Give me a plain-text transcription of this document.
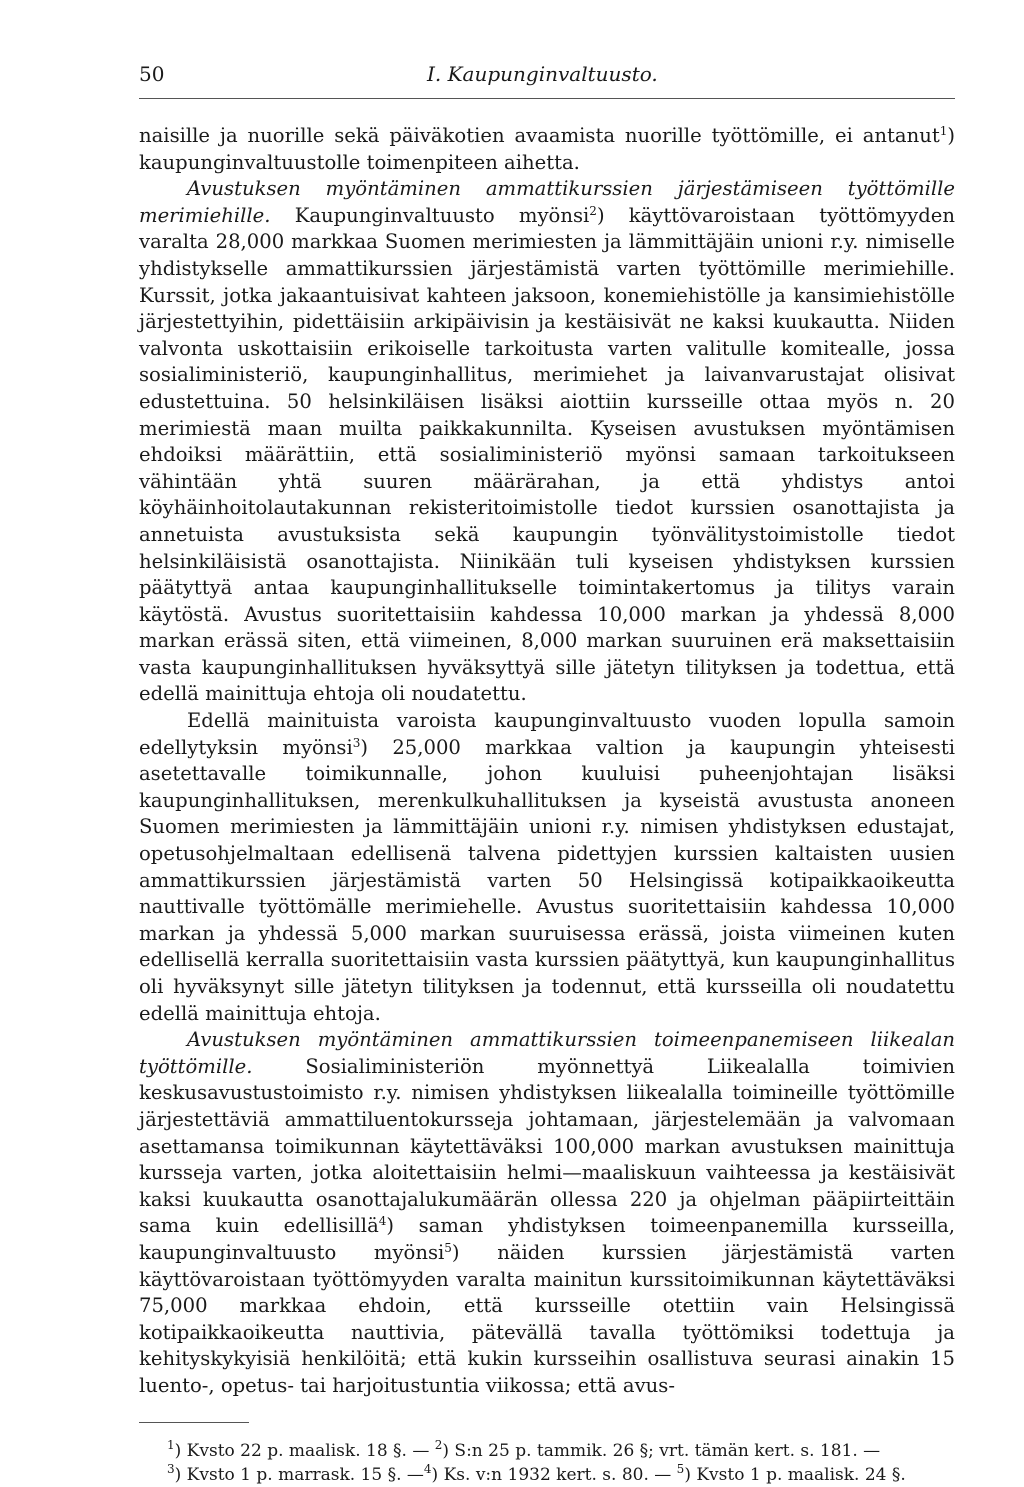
50	I. Kaupunginvaltuusto.

naisille ja nuorille sekä päiväkotien avaamista nuorille työttömille, ei antanut$^1$) kaupunginvaltuustolle toimenpiteen aihetta.

Avustuksen myöntäminen ammattikurssien järjestämiseen työttömille merimiehille. Kaupunginvaltuusto myönsi$^2$) käyttövaroistaan työttömyyden varalta 28,000 markkaa Suomen merimiesten ja lämmittäjäin unioni r.y. nimiselle yhdistykselle ammattikurssien järjestämistä varten työttömille merimiehille. Kurssit, jotka jakaantuisivat kahteen jaksoon, konemiehistölle ja kansimiehistölle järjestettyihin, pidettäisiin arkipäivisin ja kestäisivät ne kaksi kuukautta. Niiden valvonta uskottaisiin erikoiselle tarkoitusta varten valitulle komitealle, jossa sosialiministeriö, kaupunginhallitus, merimiehet ja laivanvarustajat olisivat edustettuina. 50 helsinkiläisen lisäksi aiottiin kursseille ottaa myös n. 20 merimiestä maan muilta paikkakunnilta. Kyseisen avustuksen myöntämisen ehdoiksi määrättiin, että sosialiministeriö myönsi samaan tarkoitukseen vähintään yhtä suuren määrärahan, ja että yhdistys antoi köyhäinhoitolautakunnan rekisteritoimistolle tiedot kurssien osanottajista ja annetuista avustuksista sekä kaupungin työnvälitystoimistolle tiedot helsinkiläisistä osanottajista. Niinikään tuli kyseisen yhdistyksen kurssien päätyttyä antaa kaupunginhallitukselle toimintakertomus ja tilitys varain käytöstä. Avustus suoritettaisiin kahdessa 10,000 markan ja yhdessä 8,000 markan erässä siten, että viimeinen, 8,000 markan suuruinen erä maksettaisiin vasta kaupunginhallituksen hyväksyttyä sille jätetyn tilityksen ja todettua, että edellä mainittuja ehtoja oli noudatettu.

Edellä mainituista varoista kaupunginvaltuusto vuoden lopulla samoin edellytyksin myönsi$^3$) 25,000 markkaa valtion ja kaupungin yhteisesti asetettavalle toimikunnalle, johon kuuluisi puheenjohtajan lisäksi kaupunginhallituksen, merenkulkuhallituksen ja kyseistä avustusta anoneen Suomen merimiesten ja lämmittäjäin unioni r.y. nimisen yhdistyksen edustajat, opetusohjelmaltaan edellisenä talvena pidettyjen kurssien kaltaisten uusien ammattikurssien järjestämistä varten 50 Helsingissä kotipaikkaoikeutta nauttivalle työttömälle merimiehelle. Avustus suoritettaisiin kahdessa 10,000 markan ja yhdessä 5,000 markan suuruisessa erässä, joista viimeinen kuten edellisellä kerralla suoritettaisiin vasta kurssien päätyttyä, kun kaupunginhallitus oli hyväksynyt sille jätetyn tilityksen ja todennut, että kursseilla oli noudatettu edellä mainittuja ehtoja.

Avustuksen myöntäminen ammattikurssien toimeenpanemiseen liikealan työttömille. Sosialiministeriön myönnettyä Liikealalla toimivien keskusavustustoimisto r.y. nimisen yhdistyksen liikealalla toimineille työttömille järjestettäviä ammattiluentokursseja johtamaan, järjestelemään ja valvomaan asettamansa toimikunnan käytettäväksi 100,000 markan avustuksen mainittuja kursseja varten, jotka aloitettaisiin helmi—maaliskuun vaihteessa ja kestäisivät kaksi kuukautta osanottajalukumäärän ollessa 220 ja ohjelman pääpiirteittäin sama kuin edellisillä$^4$) saman yhdistyksen toimeenpanemilla kursseilla, kaupunginvaltuusto myönsi$^5$) näiden kurssien järjestämistä varten käyttövaroistaan työttömyyden varalta mainitun kurssitoimikunnan käytettäväksi 75,000 markkaa ehdoin, että kursseille otettiin vain Helsingissä kotipaikkaoikeutta nauttivia, pätevällä tavalla työttömiksi todettuja ja kehityskykyisiä henkilöitä; että kukin kursseihin osallistuva seurasi ainakin 15 luento-, opetus- tai harjoitustuntia viikossa; että avus-

$^1$) Kvsto 22 p. maalisk. 18 §. — $^2$) S:n 25 p. tammik. 26 §; vrt. tämän kert. s. 181. —
$^3$) Kvsto 1 p. marrask. 15 §. —$^4$) Ks. v:n 1932 kert. s. 80. — $^5$) Kvsto 1 p. maalisk. 24 §.
